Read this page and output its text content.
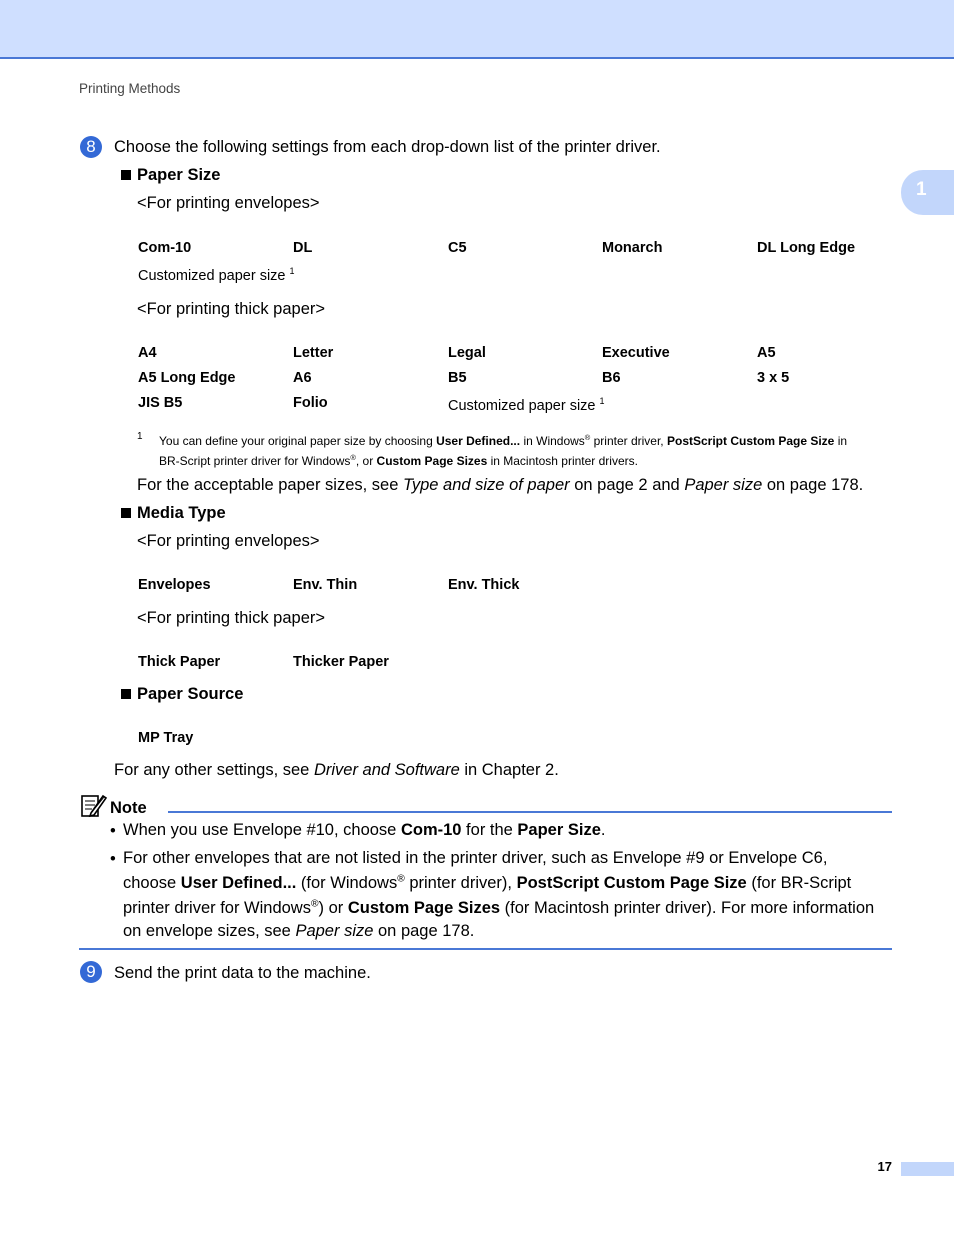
Printing Methods
1
8	Choose the following settings from each drop-down list of the printer driver.
Paper Size
<For printing envelopes>
Com-10	DL	C5	Monarch	DL Long Edge
Customized paper size $^1$
<For printing thick paper>
A4	Letter	Legal	Executive	A5
A5 Long Edge	A6	B5	B6	3 x 5
JIS B5	Folio	Customized paper size $^1$
1 You can define your original paper size by choosing User Defined... in Windows® printer driver, PostScript Custom Page Size in
BR-Script printer driver for Windows®, or Custom Page Sizes in Macintosh printer drivers.
For the acceptable paper sizes, see Type and size of paper on page 2 and Paper size on page 178.
Media Type
<For printing envelopes>
Envelopes	Env. Thin	Env. Thick
<For printing thick paper>
Thick Paper	Thicker Paper
Paper Source
MP Tray
For any other settings, see Driver and Software in Chapter 2.
Note
• When you use Envelope #10, choose Com-10 for the Paper Size.
• For other envelopes that are not listed in the printer driver, such as Envelope #9 or Envelope C6,
choose User Defined... (for Windows® printer driver), PostScript Custom Page Size (for BR-Script
printer driver for Windows®) or Custom Page Sizes (for Macintosh printer driver). For more information
on envelope sizes, see Paper size on page 178.
9	Send the print data to the machine.
17
